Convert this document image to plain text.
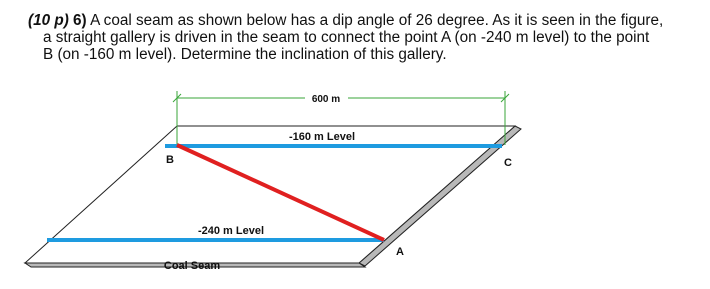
(10 p) 6) A coal seam as shown below has a dip angle of 26 degree. As it is seen in the figure,
a straight gallery is driven in the seam to connect the point A (on -240 m level) to the point
B (on -160 m level). Determine the inclination of this gallery.
600 m
-160 m Level
-240 m Level
B	C
A
Coal Seam
